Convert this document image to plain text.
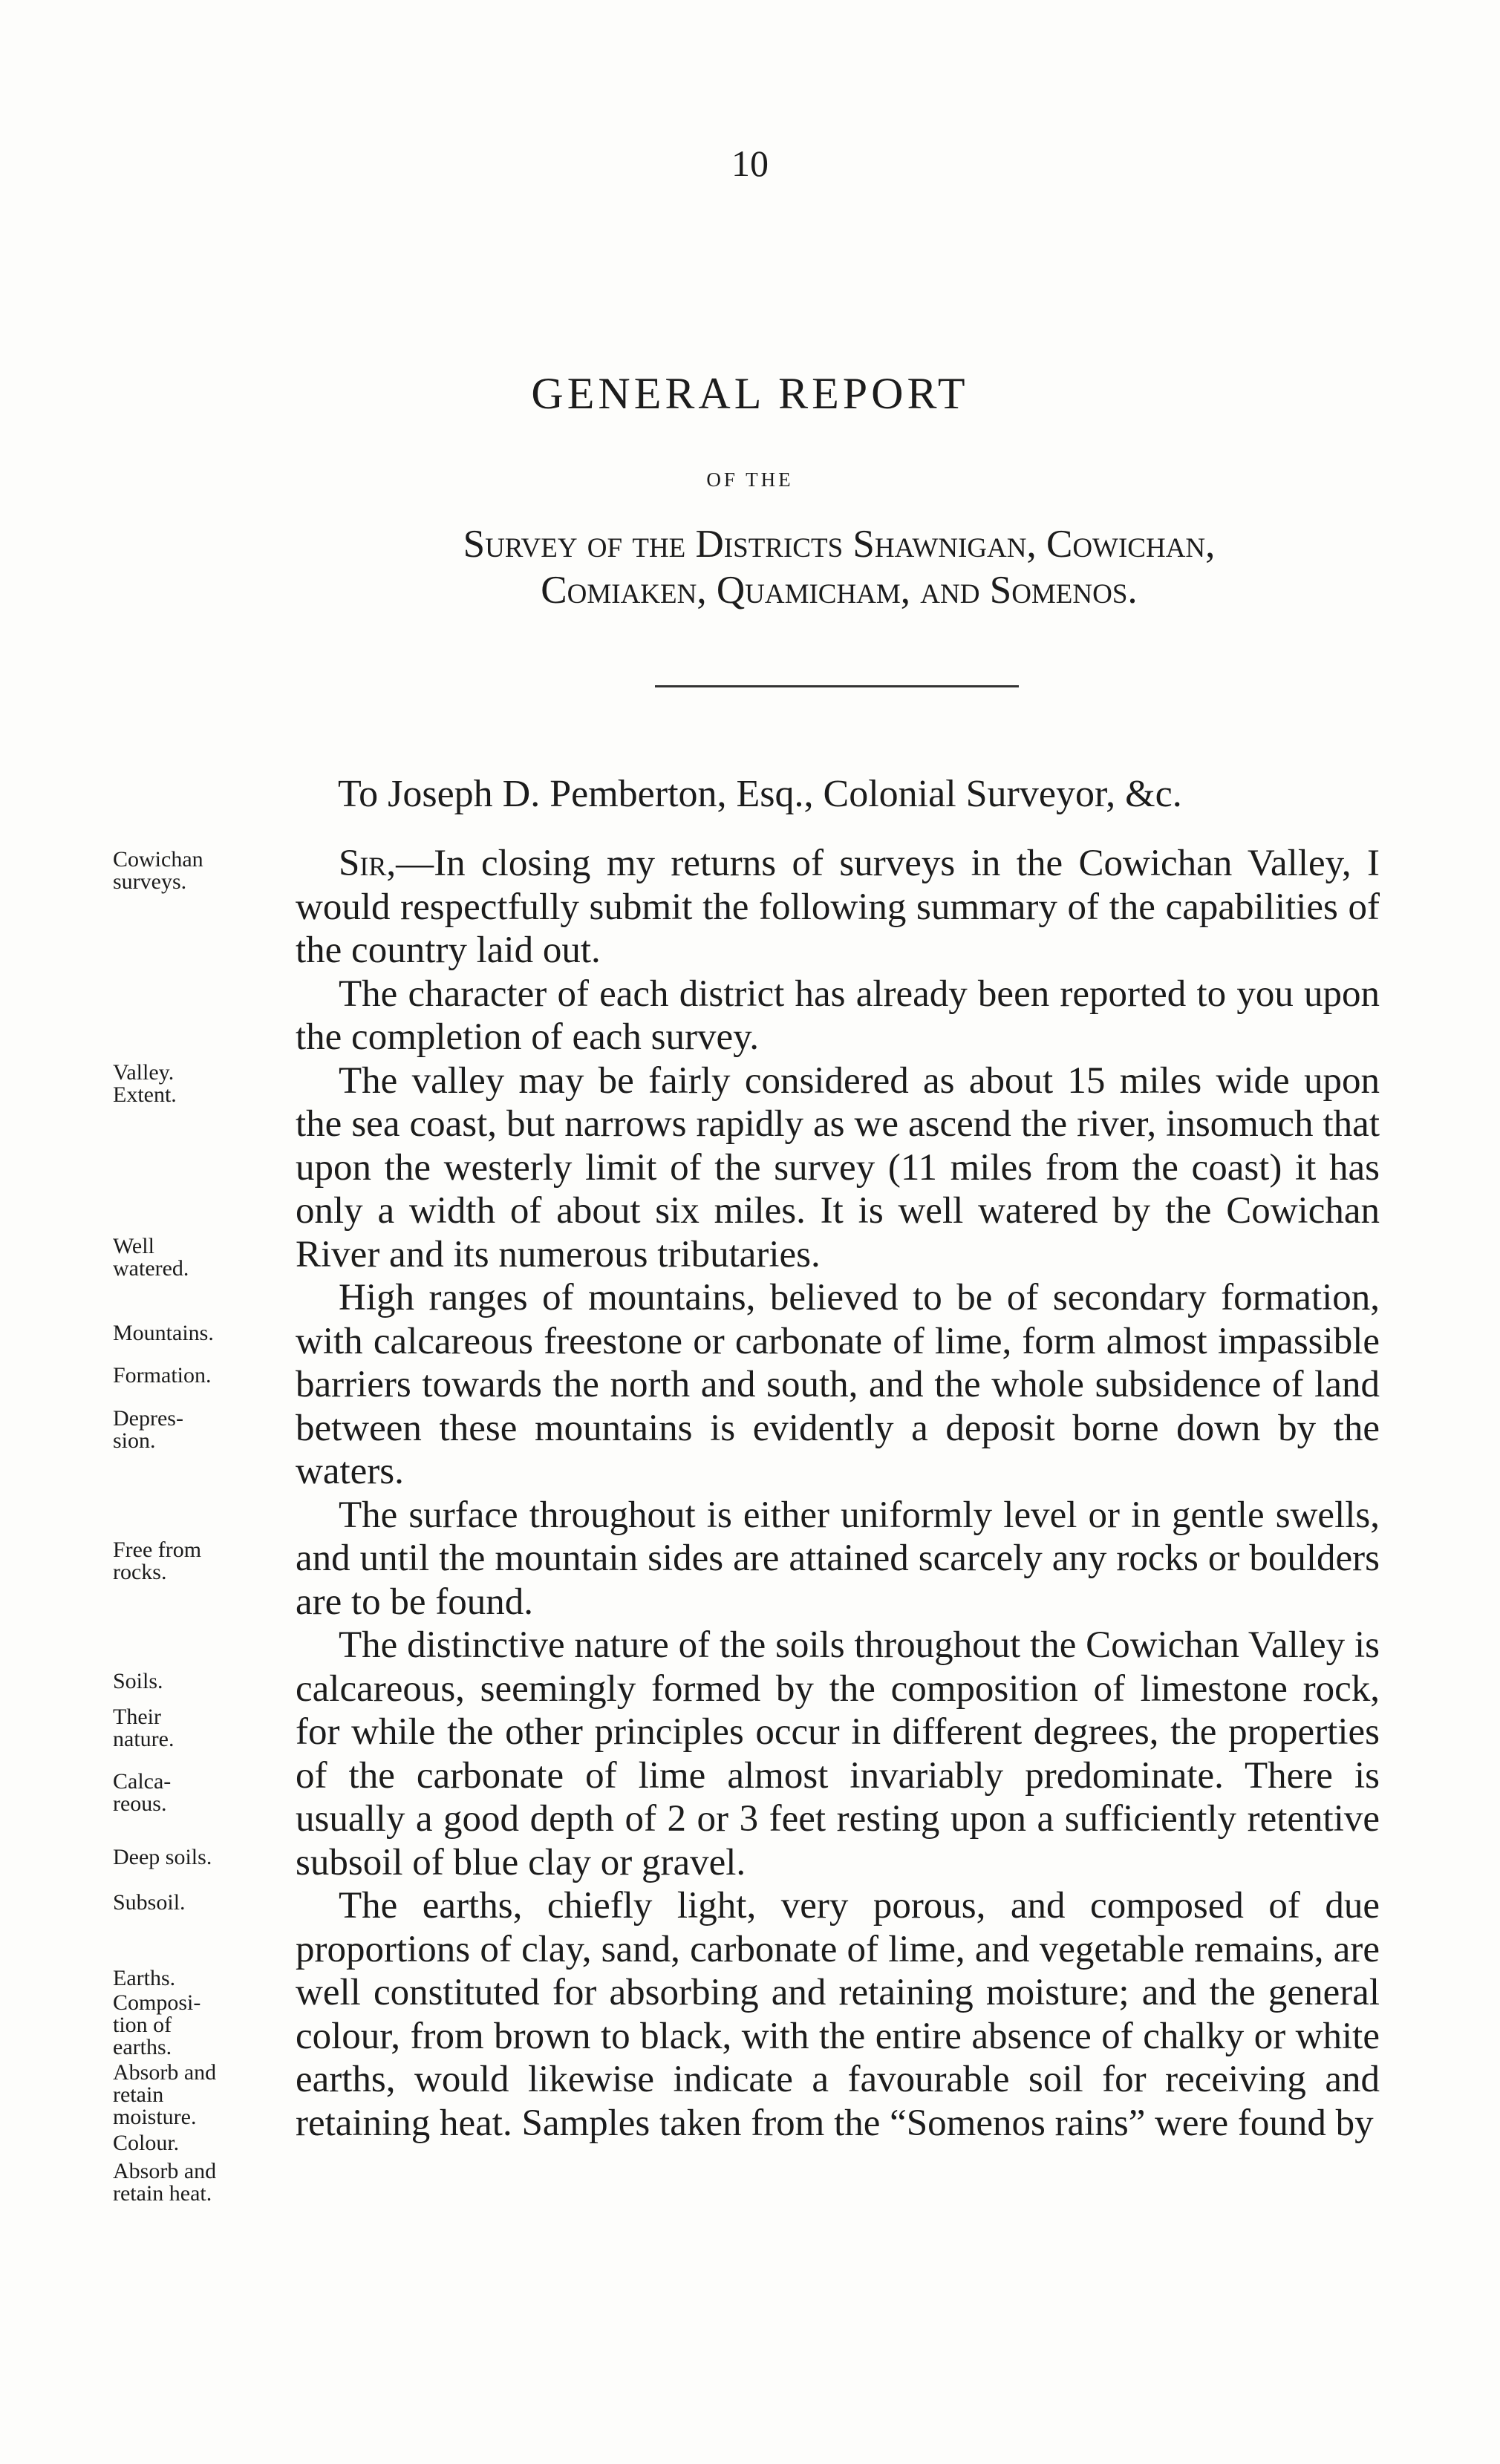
10
GENERAL REPORT
OF THE
Survey of the Districts Shawnigan, Cowichan,
Comiaken, Quamicham, and Somenos.
To Joseph D. Pemberton, Esq., Colonial Surveyor, &c.

Sir,—In closing my returns of surveys in the Cowichan Valley, I would respectfully submit the following summary of the capabilities of the country laid out.

The character of each district has already been reported to you upon the completion of each survey.

The valley may be fairly considered as about 15 miles wide upon the sea coast, but narrows rapidly as we ascend the river, insomuch that upon the westerly limit of the survey (11 miles from the coast) it has only a width of about six miles. It is well watered by the Cowichan River and its numerous tributaries.

High ranges of mountains, believed to be of secondary formation, with calcareous freestone or carbonate of lime, form almost impassible barriers towards the north and south, and the whole subsidence of land between these mountains is evidently a deposit borne down by the waters.

The surface throughout is either uniformly level or in gentle swells, and until the mountain sides are attained scarcely any rocks or boulders are to be found.

The distinctive nature of the soils throughout the Cowichan Valley is calcareous, seemingly formed by the composition of limestone rock, for while the other principles occur in different degrees, the properties of the carbonate of lime almost invariably predominate. There is usually a good depth of 2 or 3 feet resting upon a sufficiently retentive subsoil of blue clay or gravel.

The earths, chiefly light, very porous, and composed of due proportions of clay, sand, carbonate of lime, and vegetable remains, are well constituted for absorbing and retaining moisture; and the general colour, from brown to black, with the entire absence of chalky or white earths, would likewise indicate a favourable soil for receiving and retaining heat. Samples taken from the “Somenos rains” were found by

Cowichan
surveys.
Valley.
Extent.
Well
watered.
Mountains.
Formation.
Depres-
sion.
Free from
rocks.
Soils.
Their
nature.
Calca-
reous.
Deep soils.
Subsoil.
Earths.
Composi-
tion of
earths.
Absorb and
retain
moisture.
Colour.
Absorb and
retain heat.
